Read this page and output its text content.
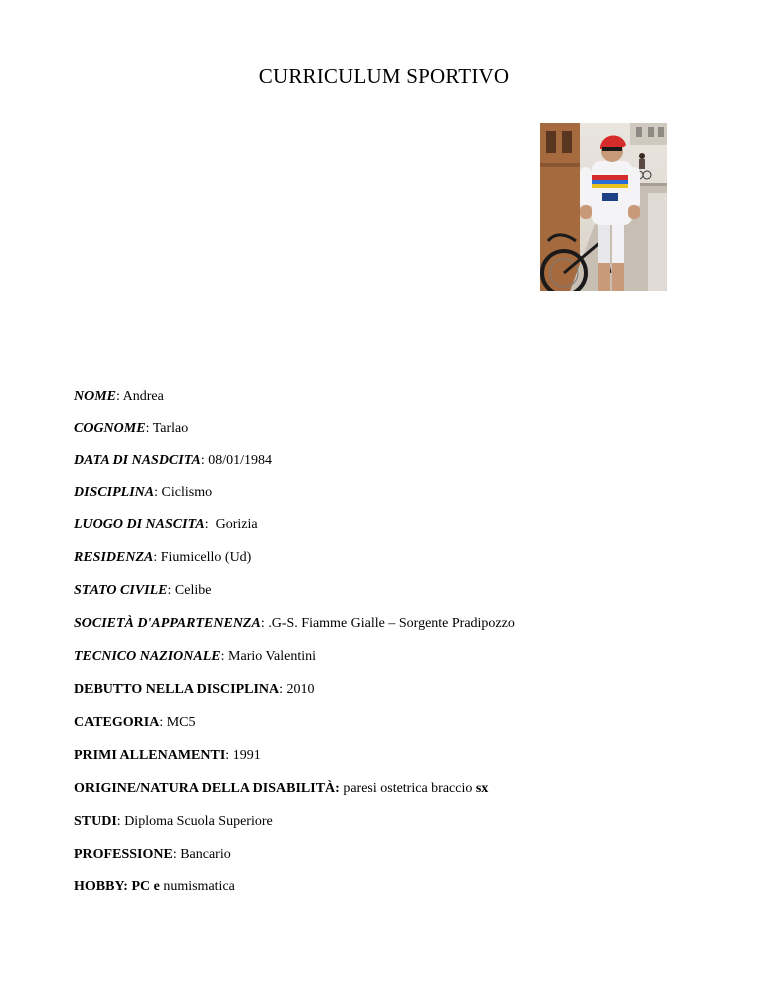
CURRICULUM SPORTIVO
NOME: Andrea
COGNOME: Tarlao
DATA DI NASDCITA: 08/01/1984
DISCIPLINA: Ciclismo
LUOGO DI NASCITA:  Gorizia
RESIDENZA: Fiumicello (Ud)
STATO CIVILE: Celibe
SOCIETÀ D'APPARTENENZA: .G-S. Fiamme Gialle – Sorgente Pradipozzo
TECNICO NAZIONALE: Mario Valentini
DEBUTTO NELLA DISCIPLINA: 2010
CATEGORIA: MC5
PRIMI ALLENAMENTI: 1991
ORIGINE/NATURA DELLA DISABILITÀ: paresi ostetrica braccio sx
STUDI: Diploma Scuola Superiore
PROFESSIONE: Bancario
HOBBY: PC e numismatica
